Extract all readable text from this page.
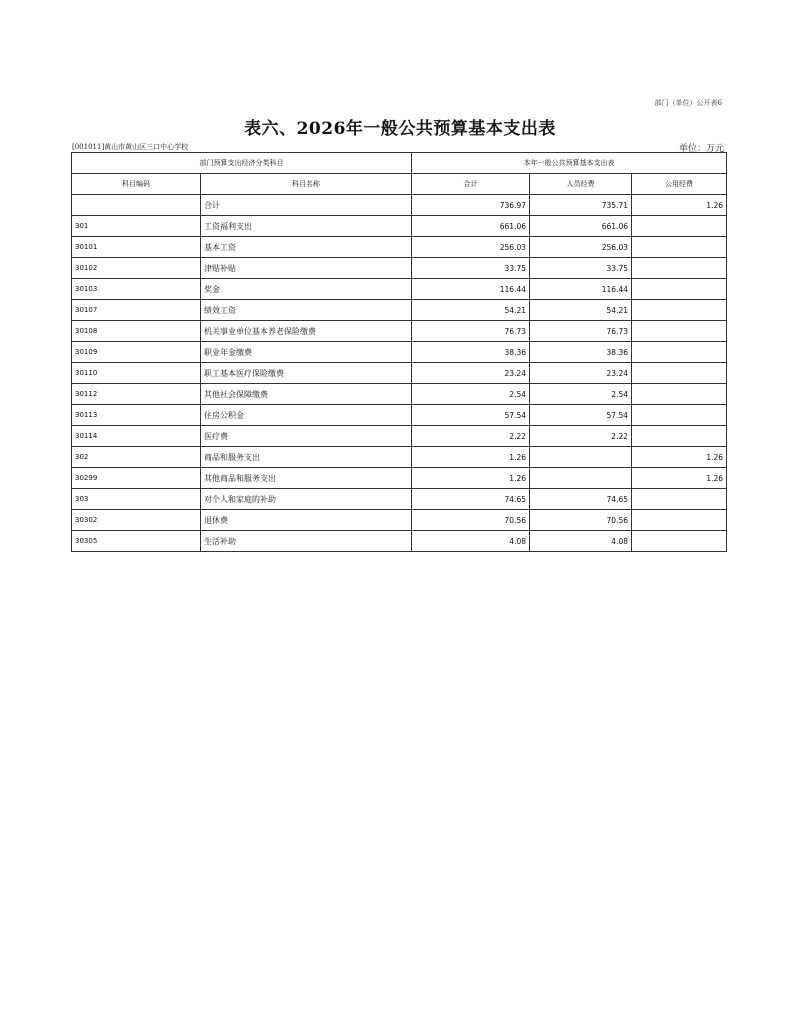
部门（单位）公开表6
表六、2026年一般公共预算基本支出表
[001011]黄山市黄山区三口中心学校	单位：万元
部门预算支出经济分类科目		本年一般公共预算基本支出表		
科目编码	科目名称	合计	人员经费	公用经费
	合计	736.97	735.71	1.26
301	工资福利支出	661.06	661.06	
30101	基本工资	256.03	256.03	
30102	津贴补贴	33.75	33.75	
30103	奖金	116.44	116.44	
30107	绩效工资	54.21	54.21	
30108	机关事业单位基本养老保险缴费	76.73	76.73	
30109	职业年金缴费	38.36	38.36	
30110	职工基本医疗保险缴费	23.24	23.24	
30112	其他社会保障缴费	2.54	2.54	
30113	住房公积金	57.54	57.54	
30114	医疗费	2.22	2.22	
302	商品和服务支出	1.26		1.26
30299	其他商品和服务支出	1.26		1.26
303	对个人和家庭的补助	74.65	74.65	
30302	退休费	70.56	70.56	
30305	生活补助	4.08	4.08	
